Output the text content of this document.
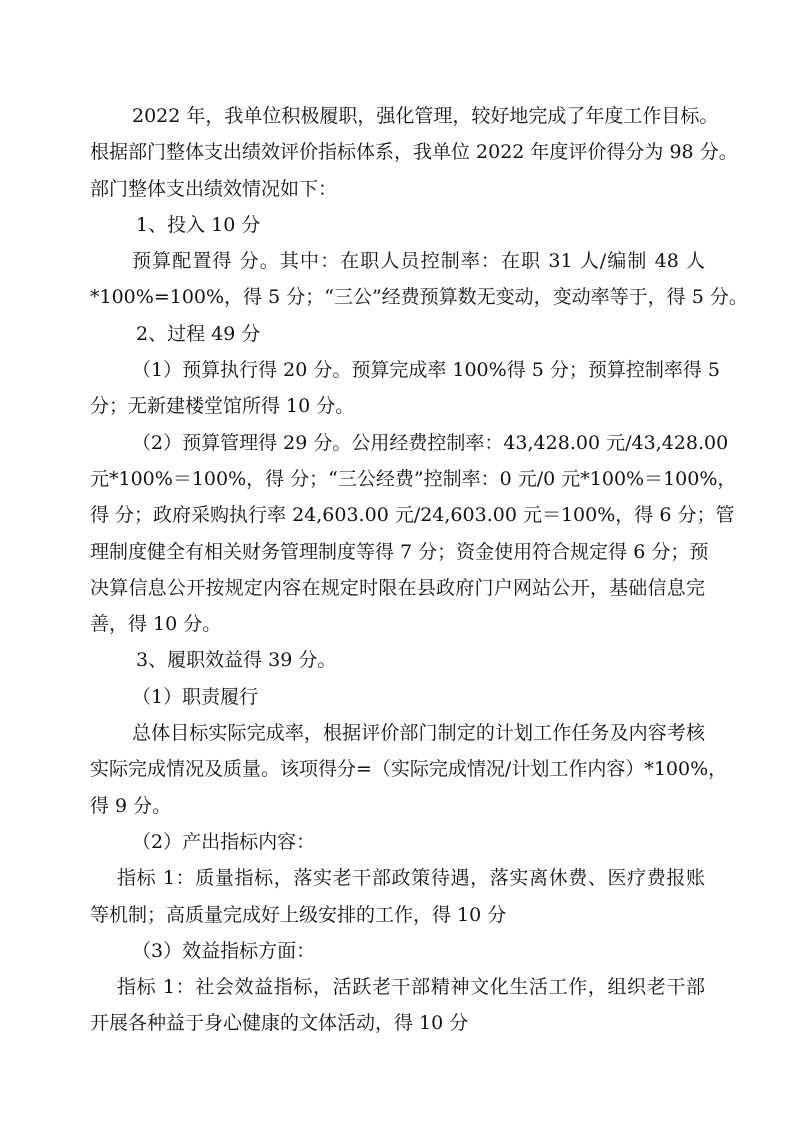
2022 年，我单位积极履职，强化管理，较好地完成了年度工作目标。

根据部门整体支出绩效评价指标体系，我单位 2022 年度评价得分为 98 分。

部门整体支出绩效情况如下：

1、投入 10 分

预算配置得 分。其中：在职人员控制率：在职 31 人/编制 48 人

*100%=100%，得 5 分；“三公”经费预算数无变动，变动率等于，得 5 分。

2、过程 49 分

（1）预算执行得 20 分。预算完成率 100%得 5 分；预算控制率得 5

分；无新建楼堂馆所得 10 分。

（2）预算管理得 29 分。公用经费控制率：43,428.00 元/43,428.00

元*100%＝100%，得 分；“三公经费”控制率：0 元/0 元*100%＝100%，

得 分；政府采购执行率 24,603.00 元/24,603.00 元＝100%，得 6 分；管

理制度健全有相关财务管理制度等得 7 分；资金使用符合规定得 6 分；预

决算信息公开按规定内容在规定时限在县政府门户网站公开，基础信息完

善，得 10 分。

3、履职效益得 39 分。

（1）职责履行

总体目标实际完成率，根据评价部门制定的计划工作任务及内容考核

实际完成情况及质量。该项得分=（实际完成情况/计划工作内容）*100%，

得 9 分。

（2）产出指标内容：

指标 1：质量指标，落实老干部政策待遇，落实离休费、医疗费报账

等机制；高质量完成好上级安排的工作，得 10 分

（3）效益指标方面：

指标 1：社会效益指标，活跃老干部精神文化生活工作，组织老干部

开展各种益于身心健康的文体活动，得 10 分
